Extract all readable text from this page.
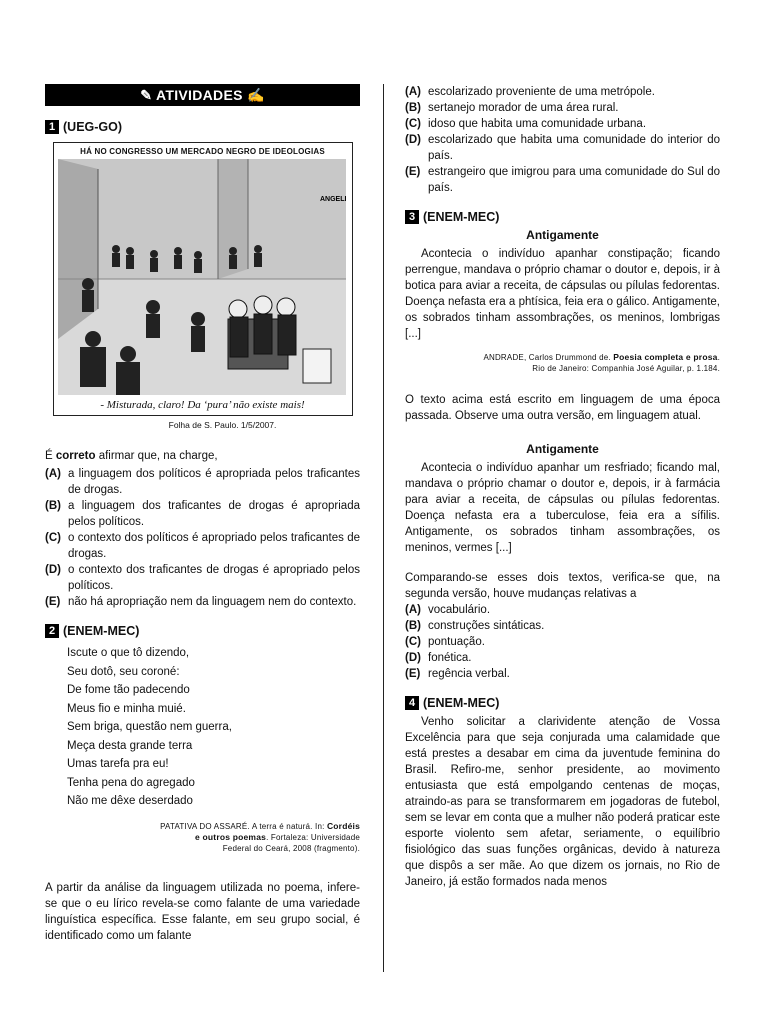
✎ ATIVIDADES ✍
1 (UEG-GO)
HÁ NO CONGRESSO UM MERCADO NEGRO DE IDEOLOGIAS
ANGELI
- Misturada, claro! Da ‘pura’ não existe mais!
Folha de S. Paulo. 1/5/2007.

É correto afirmar que, na charge,

(A) a linguagem dos políticos é apropriada pelos traficantes de drogas.
(B) a linguagem dos traficantes de drogas é apropriada pelos políticos.
(C) o contexto dos políticos é apropriado pelos traficantes de drogas.
(D) o contexto dos traficantes de drogas é apropriado pelos políticos.
(E) não há apropriação nem da linguagem nem do contexto.
2 (ENEM-MEC)
Iscute o que tô dizendo,
Seu dotô, seu coroné:
De fome tão padecendo
Meus fio e minha muié.
Sem briga, questão nem guerra,
Meça desta grande terra
Umas tarefa pra eu!
Tenha pena do agregado
Não me dêxe deserdado
PATATIVA DO ASSARÉ. A terra é naturá. In: Cordéis
e outros poemas. Fortaleza: Universidade
Federal do Ceará, 2008 (fragmento).

A partir da análise da linguagem utilizada no poema, infere-se que o eu lírico revela-se como falante de uma variedade linguística específica. Esse falante, em seu grupo social, é identificado como um falante

(A) escolarizado proveniente de uma metrópole.
(B) sertanejo morador de uma área rural.
(C) idoso que habita uma comunidade urbana.
(D) escolarizado que habita uma comunidade do interior do país.
(E) estrangeiro que imigrou para uma comunidade do Sul do país.
3 (ENEM-MEC)
Antigamente

Acontecia o indivíduo apanhar constipação; ficando perrengue, mandava o próprio chamar o doutor e, depois, ir à botica para aviar a receita, de cápsulas ou pílulas fedorentas. Doença nefasta era a phtísica, feia era o gálico. Antigamente, os sobrados tinham assombrações, os meninos, lombrigas [...]

ANDRADE, Carlos Drummond de. Poesia completa e prosa.
Rio de Janeiro: Companhia José Aguilar, p. 1.184.

O texto acima está escrito em linguagem de uma época passada. Observe uma outra versão, em linguagem atual.

Antigamente

Acontecia o indivíduo apanhar um resfriado; ficando mal, mandava o próprio chamar o doutor e, depois, ir à farmácia para aviar a receita, de cápsulas ou pílulas fedorentas. Doença nefasta era a tuberculose, feia era a sífilis. Antigamente, os sobrados tinham assombrações, os meninos, vermes [...]

Comparando-se esses dois textos, verifica-se que, na segunda versão, houve mudanças relativas a

(A) vocabulário.
(B) construções sintáticas.
(C) pontuação.
(D) fonética.
(E) regência verbal.
4 (ENEM-MEC)

Venho solicitar a clarividente atenção de Vossa Excelência para que seja conjurada uma calamidade que está prestes a desabar em cima da juventude feminina do Brasil. Refiro-me, senhor presidente, ao movimento entusiasta que está empolgando centenas de moças, atraindo-as para se transformarem em jogadoras de futebol, sem se levar em conta que a mulher não poderá praticar este esporte violento sem afetar, seriamente, o equilíbrio fisiológico das suas funções orgânicas, devido à natureza que dispôs a ser mãe. Ao que dizem os jornais, no Rio de Janeiro, já estão formados nada menos
